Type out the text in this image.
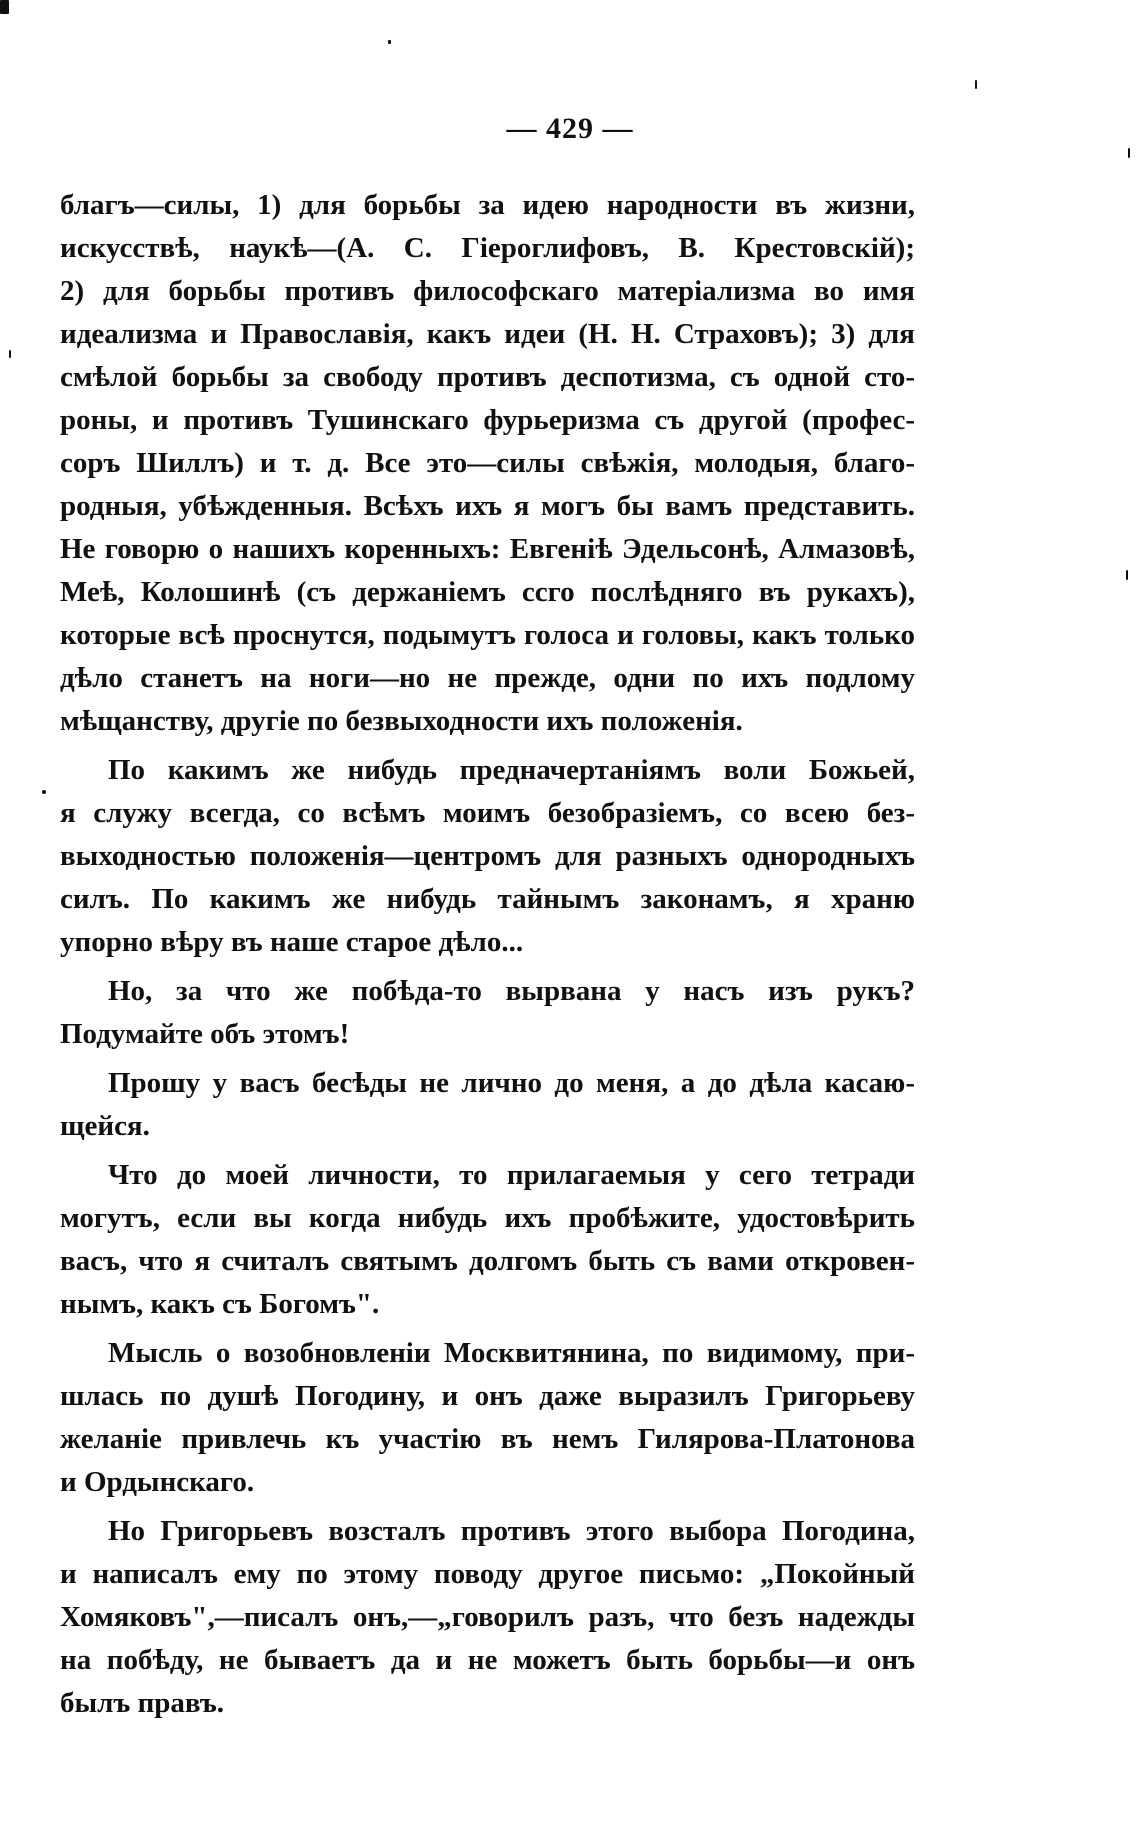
— 429 —
благъ—силы, 1) для борьбы за идею народности въ жизни,
искусствѣ, наукѣ—(А. С. Гіероглифовъ, В. Крестовскій);
2) для борьбы противъ философскаго матеріализма во имя
идеализма и Православія, какъ идеи (Н. Н. Страховъ); 3) для
смѣлой борьбы за свободу противъ деспотизма, съ одной сто-
роны, и противъ Тушинскаго фурьеризма съ другой (профес-
соръ Шиллъ) и т. д. Все это—силы свѣжія, молодыя, благо-
родныя, убѣжденныя. Всѣхъ ихъ я могъ бы вамъ представить.
Не говорю о нашихъ коренныхъ: Евгеніѣ Эдельсонѣ, Алмазовѣ,
Меѣ, Колошинѣ (съ держаніемъ ссго послѣдняго въ рукахъ),
которые всѣ проснутся, подымутъ голоса и головы, какъ только
дѣло станетъ на ноги—но не прежде, одни по ихъ подлому
мѣщанству, другіе по безвыходности ихъ положенія.
По какимъ же нибудь предначертаніямъ воли Божьей,
я служу всегда, со всѣмъ моимъ безобразіемъ, со всею без-
выходностью положенія—центромъ для разныхъ однородныхъ
силъ. По какимъ же нибудь тайнымъ законамъ, я храню
упорно вѣру въ наше старое дѣло...
Но, за что же побѣда-то вырвана у насъ изъ рукъ?
Подумайте объ этомъ!
Прошу у васъ бесѣды не лично до меня, а до дѣла касаю-
щейся.
Что до моей личности, то прилагаемыя у сего тетради
могутъ, если вы когда нибудь ихъ пробѣжите, удостовѣрить
васъ, что я считалъ святымъ долгомъ быть съ вами откровен-
нымъ, какъ съ Богомъ".
Мысль о возобновленіи Москвитянина, по видимому, при-
шлась по душѣ Погодину, и онъ даже выразилъ Григорьеву
желаніе привлечь къ участію въ немъ Гилярова-Платонова
и Ордынскаго.
Но Григорьевъ возсталъ противъ этого выбора Погодина,
и написалъ ему по этому поводу другое письмо: „Покойный
Хомяковъ",—писалъ онъ,—„говорилъ разъ, что безъ надежды
на побѣду, не бываетъ да и не можетъ быть борьбы—и онъ
былъ правъ.
